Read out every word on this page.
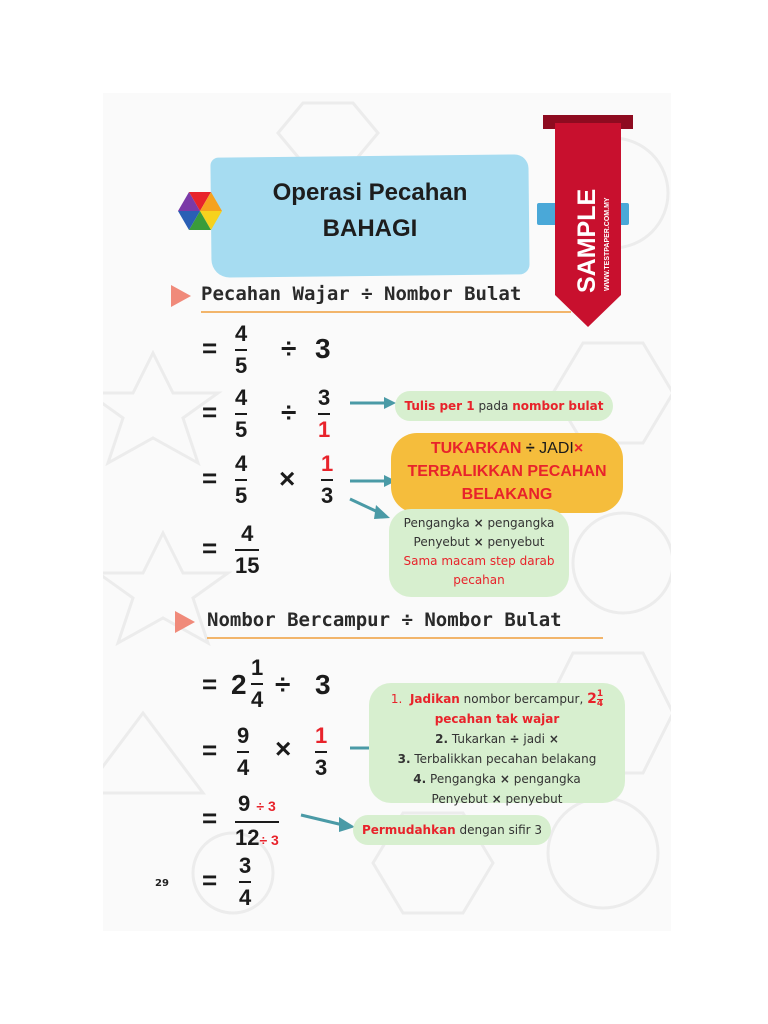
Operasi Pecahan
BAHAGI	SAMPLE WWW.TESTPAPER.COM.MY
Pecahan Wajar ÷ Nombor Bulat
= 4
5
÷ 3
= 4
5
÷ 3
1
= 4
5
× 1
3
= 4
15
Tulis per 1 pada nombor bulat
TUKARKAN ÷ JADI×
TERBALIKKAN PECAHAN
BELAKANG
Pengangka × pengangka
Penyebut × penyebut
Sama macam step darab
pecahan
Nombor Bercampur ÷ Nombor Bulat
= 2
1
4 ÷ 3
= 9
4
× 1
3
= 9 ÷ 3
12÷ 3
= 3
4
1. Jadikan nombor bercampur, $2 \frac{1}{4}$
pecahan tak wajar
2. Tukarkan ÷ jadi ×
3. Terbalikkan pecahan belakang
4. Pengangka × pengangka
Penyebut × penyebut
Permudahkan dengan sifir 3
29
